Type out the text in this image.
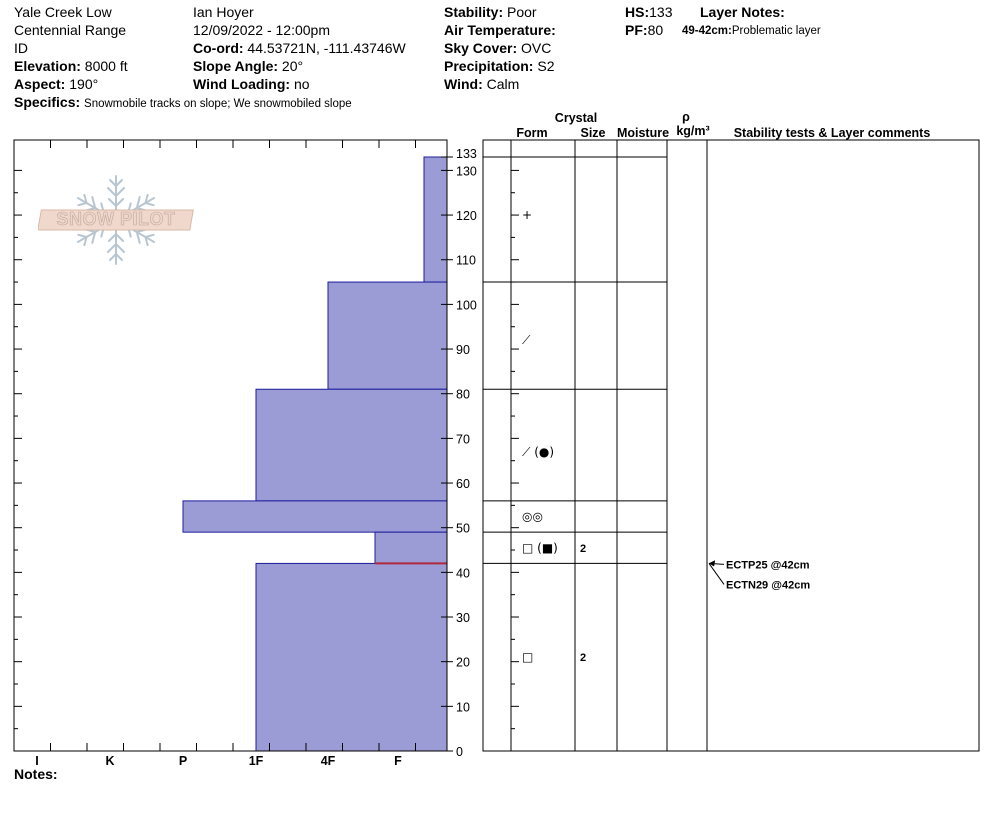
Yale Creek Low
Centennial Range
ID
Elevation: 8000 ft
Aspect: 190°
Specifics: Snowmobile tracks on slope; We snowmobiled slope
Ian Hoyer
12/09/2022 - 12:00pm
Co-ord: 44.53721N, -111.43746W
Slope Angle: 20°
Wind Loading: no
Stability: Poor
Air Temperature:
Sky Cover: OVC
Precipitation: S2
Wind: Calm
HS:133
PF:80
Layer Notes:
49-42cm:Problematic layer
I	K	P	1F	4F	F
0
10
20
30
40
50
60
70
80
90
100
110
120
130
133
Crystal
Form	Size Moisture
ρ
kg/m³ Stability tests & Layer comments
+
⟋
⟋ (●)
◎◎
□ (■) 2
□	2
ECTP25 @42cm
ECTN29 @42cm
SNOW PILOT
Notes:
